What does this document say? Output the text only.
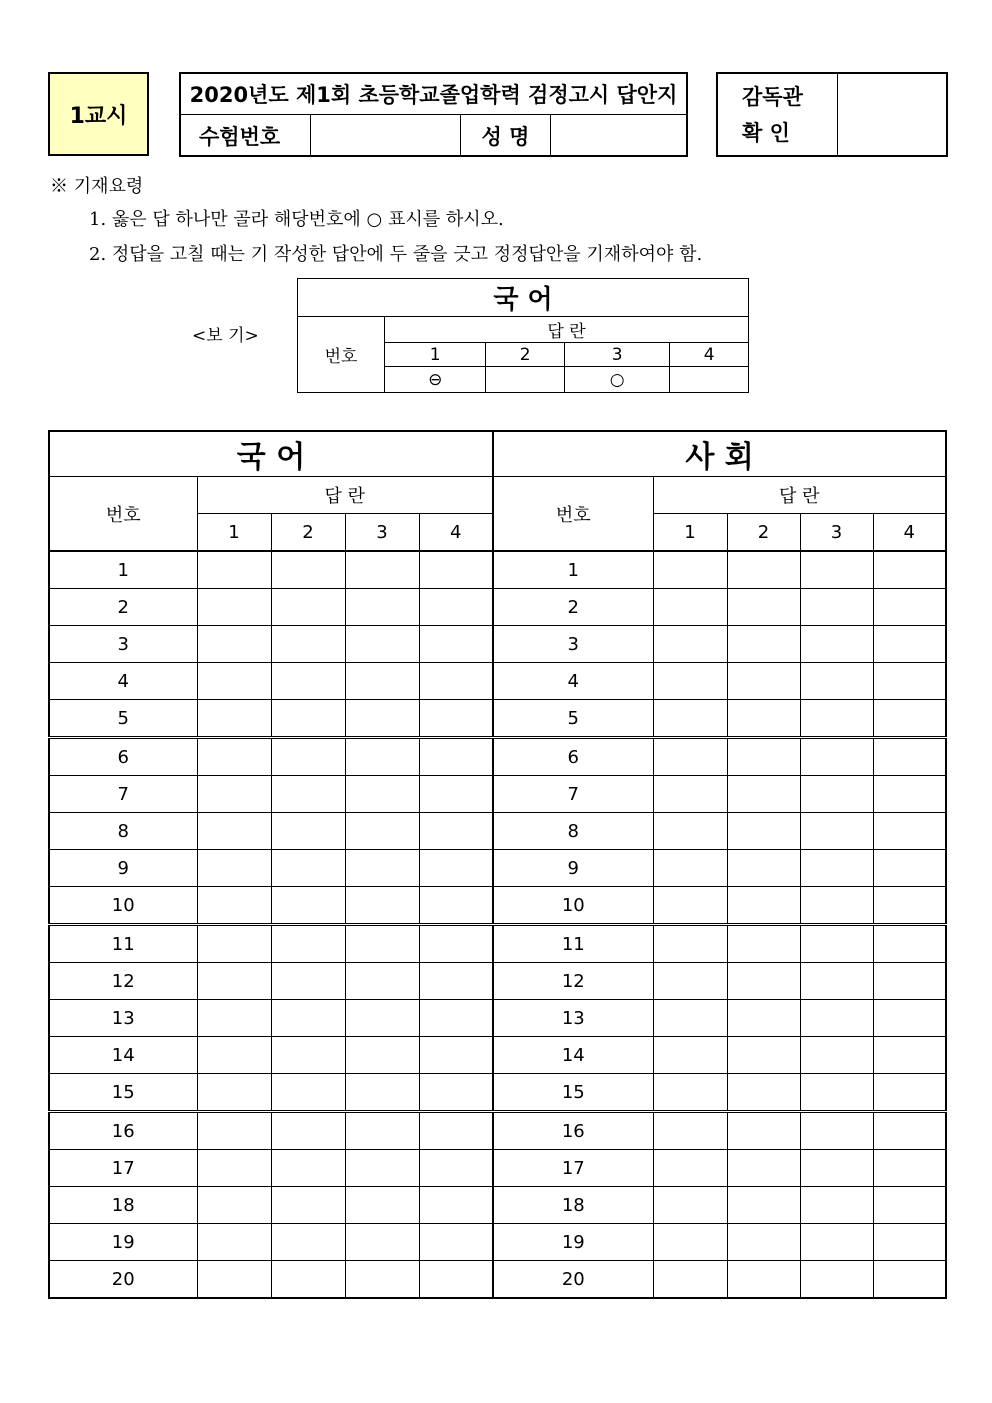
1교시
2020년도 제1회 초등학교졸업학력 검정고시 답안지
수험번호	성 명
감독관
확 인
※ 기재요령
1. 옳은 답 하나만 골라 해당번호에 ○ 표시를 하시오.
2. 정답을 고칠 때는 기 작성한 답안에 두 줄을 긋고 정정답안을 기재하여야 함.
<보 기>
국 어				
번호	답 란			
	1	2	3	4
	⊖		○	
국 어					사 회				
번호	답 란				번호	답 란			
	1	2	3	4		1	2	3	4
1					1				
2					2				
3					3				
4					4				
5					5				
6					6				
7					7				
8					8				
9					9				
10					10				
11					11				
12					12				
13					13				
14					14				
15					15				
16					16				
17					17				
18					18				
19					19				
20					20				
